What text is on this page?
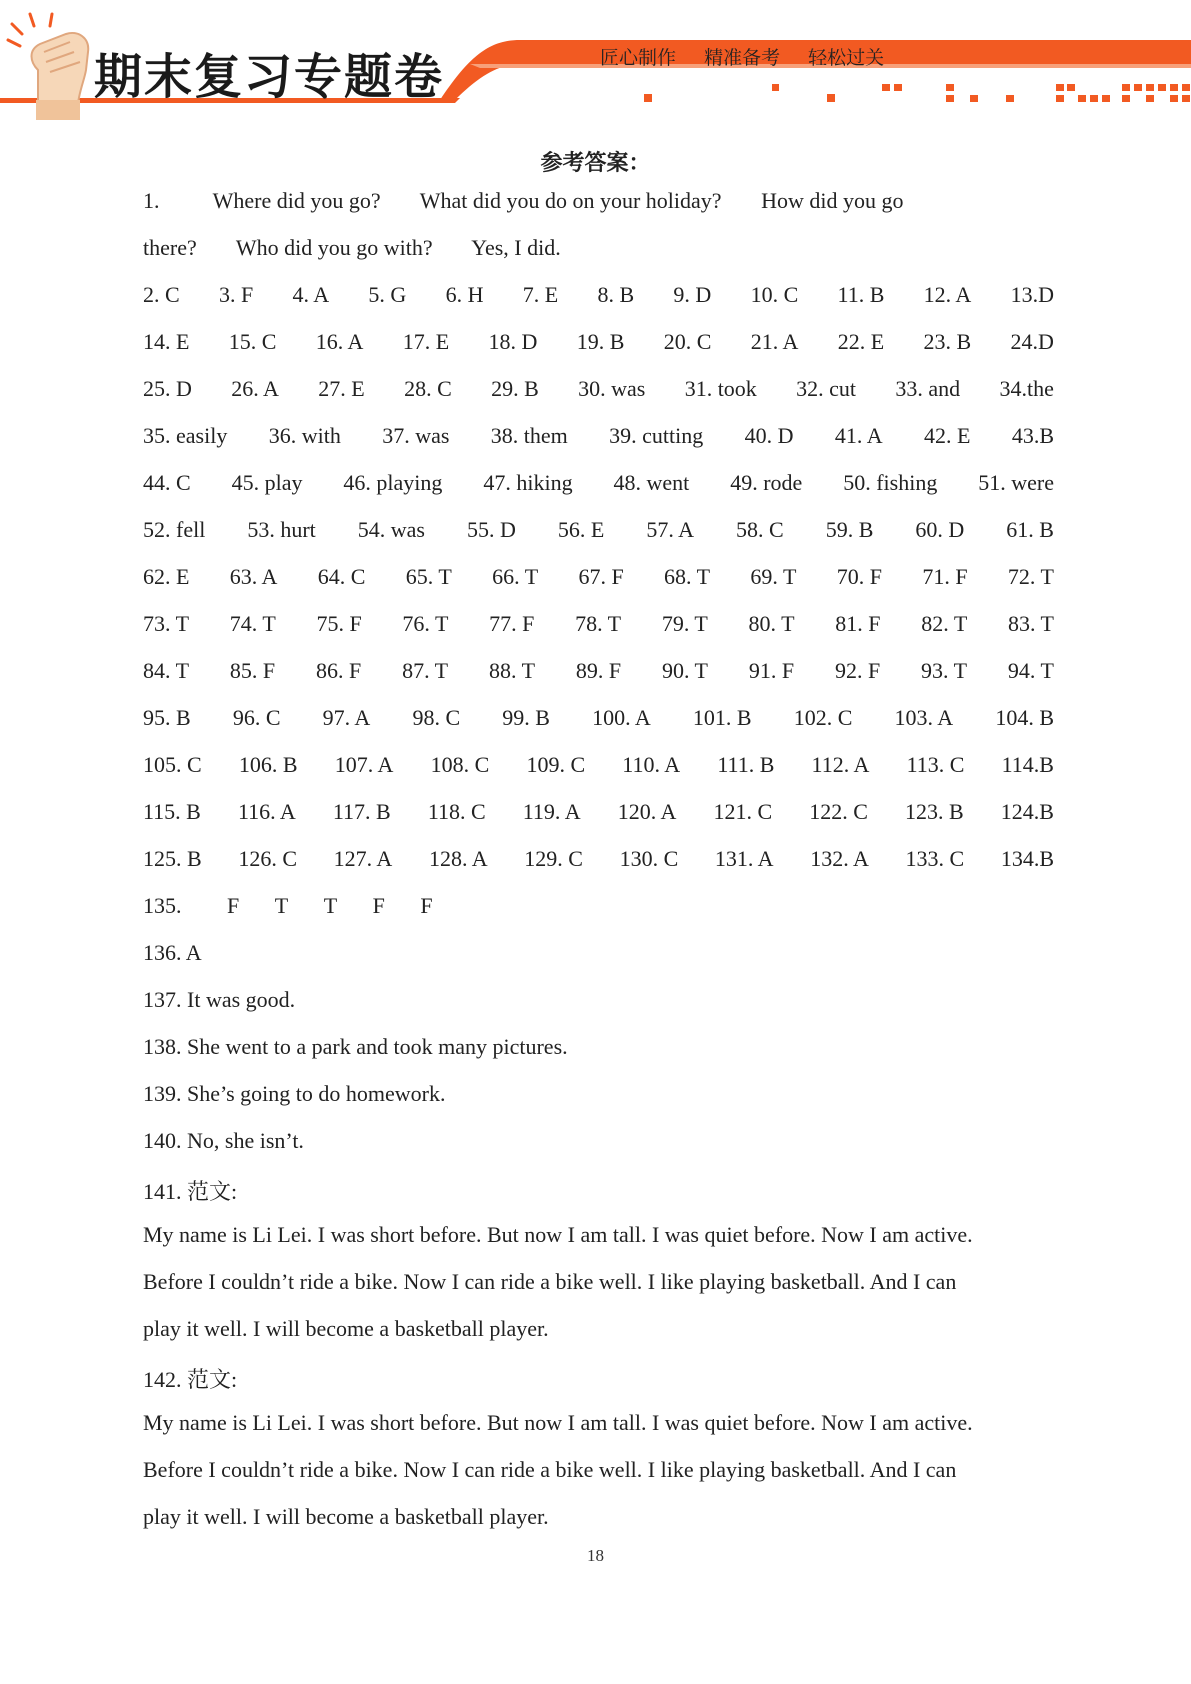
期末复习专题卷	匠心制作 精准备考 轻松过关
参考答案：
1. Where did you go? What did you do on your holiday? How did you go
there? Who did you go with? Yes, I did.
2. C 3. F 4. A 5. G 6. H 7. E 8. B 9. D 10. C 11. B 12. A 13.D
14. E 15. C 16. A 17. E 18. D 19. B 20. C 21. A 22. E 23. B 24.D
25. D 26. A 27. E 28. C 29. B 30. was 31. took 32. cut 33. and 34.the
35. easily 36. with 37. was 38. them 39. cutting 40. D 41. A 42. E 43.B
44. C 45. play 46. playing 47. hiking 48. went 49. rode 50. fishing 51. were
52. fell 53. hurt 54. was 55. D 56. E 57. A 58. C 59. B 60. D 61. B
62. E 63. A 64. C 65. T 66. T 67. F 68. T 69. T 70. F 71. F 72. T
73. T 74. T 75. F 76. T 77. F 78. T 79. T 80. T 81. F 82. T 83. T
84. T 85. F 86. F 87. T 88. T 89. F 90. T 91. F 92. F 93. T 94. T
95. B 96. C 97. A 98. C 99. B 100. A 101. B 102. C 103. A 104. B
105. C 106. B 107. A 108. C 109. C 110. A 111. B 112. A 113. C 114.B
115. B 116. A 117. B 118. C 119. A 120. A 121. C 122. C 123. B 124.B
125. B 126. C 127. A 128. A 129. C 130. C 131. A 132. A 133. C 134.B
135. F T T F F
136. A
137. It was good.
138. She went to a park and took many pictures.
139. She’s going to do homework.
140. No, she isn’t.
141. 范文:
My name is Li Lei. I was short before. But now I am tall. I was quiet before. Now I am active.
Before I couldn’t ride a bike. Now I can ride a bike well. I like playing basketball. And I can
play it well. I will become a basketball player.
142. 范文:
My name is Li Lei. I was short before. But now I am tall. I was quiet before. Now I am active.
Before I couldn’t ride a bike. Now I can ride a bike well. I like playing basketball. And I can
play it well. I will become a basketball player.
18
